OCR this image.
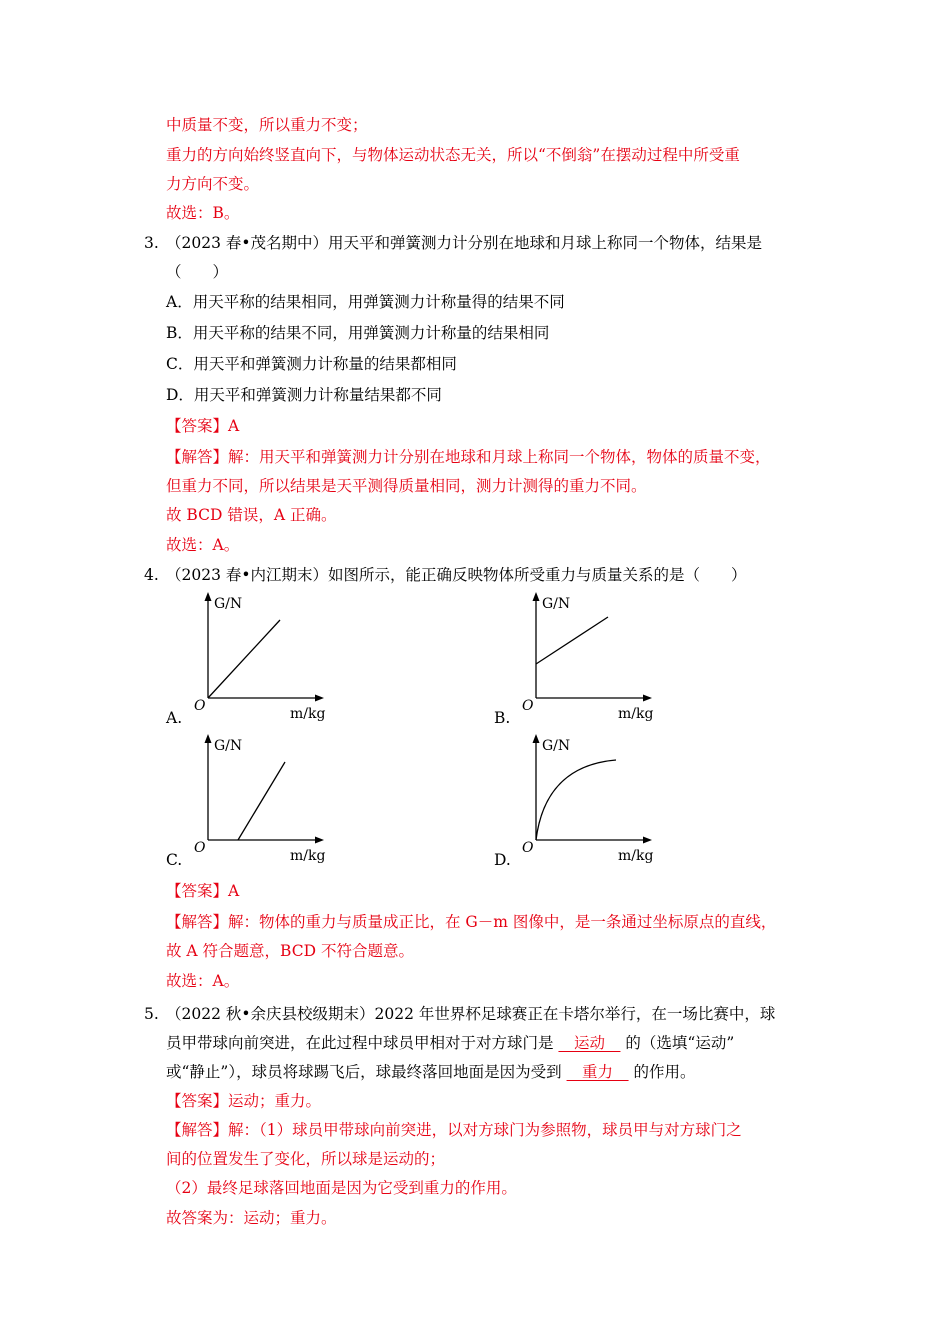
中质量不变，所以重力不变；
重力的方向始终竖直向下，与物体运动状态无关，所以“不倒翁”在摆动过程中所受重
力方向不变。
故选：B。
3. （2023 春•茂名期中）用天平和弹簧测力计分别在地球和月球上称同一个物体，结果是
（　　）
A．用天平称的结果相同，用弹簧测力计称量得的结果不同
B．用天平称的结果不同，用弹簧测力计称量的结果相同
C．用天平和弹簧测力计称量的结果都相同
D．用天平和弹簧测力计称量结果都不同
【答案】A
【解答】解：用天平和弹簧测力计分别在地球和月球上称同一个物体，物体的质量不变，
但重力不同，所以结果是天平测得质量相同，测力计测得的重力不同。
故 BCD 错误，A 正确。
故选：A。
4. （2023 春•内江期末）如图所示，能正确反映物体所受重力与质量关系的是（　　）
A.
G/N
m/kg
O
B.
G/N
m/kg
O
C.
G/N
m/kg
O
D.
G/N
m/kg
O
【答案】A
【解答】解：物体的重力与质量成正比，在 G－m 图像中，是一条通过坐标原点的直线，
故 A 符合题意，BCD 不符合题意。
故选：A。
5. （2022 秋•余庆县校级期末）2022 年世界杯足球赛正在卡塔尔举行，在一场比赛中，球
员甲带球向前突进，在此过程中球员甲相对于对方球门是 　运动　 的（选填“运动”
或“静止”），球员将球踢飞后，球最终落回地面是因为受到 　重力　 的作用。
【答案】运动；重力。
【解答】解：（1）球员甲带球向前突进，以对方球门为参照物，球员甲与对方球门之
间的位置发生了变化，所以球是运动的；
（2）最终足球落回地面是因为它受到重力的作用。
故答案为：运动；重力。
